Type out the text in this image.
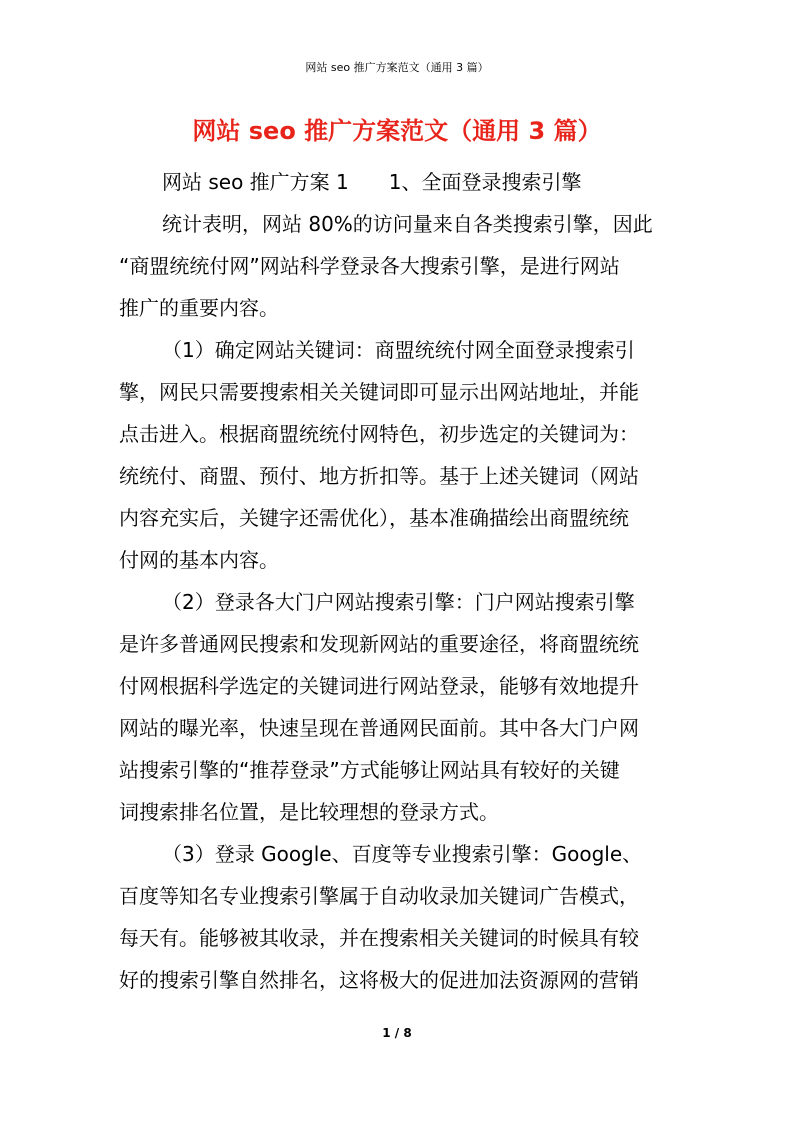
网站 seo 推广方案范文（通用 3 篇）
网站 seo 推广方案范文（通用 3 篇）
网站 seo 推广方案 1　　1、全面登录搜索引擎
统计表明，网站 80%的访问量来自各类搜索引擎，因此
“商盟统统付网”网站科学登录各大搜索引擎，是进行网站
推广的重要内容。
（1）确定网站关键词：商盟统统付网全面登录搜索引
擎，网民只需要搜索相关关键词即可显示出网站地址，并能
点击进入。根据商盟统统付网特色，初步选定的关键词为：
统统付、商盟、预付、地方折扣等。基于上述关键词（网站
内容充实后，关键字还需优化），基本准确描绘出商盟统统
付网的基本内容。
（2）登录各大门户网站搜索引擎：门户网站搜索引擎
是许多普通网民搜索和发现新网站的重要途径，将商盟统统
付网根据科学选定的关键词进行网站登录，能够有效地提升
网站的曝光率，快速呈现在普通网民面前。其中各大门户网
站搜索引擎的“推荐登录”方式能够让网站具有较好的关键
词搜索排名位置，是比较理想的登录方式。
（3）登录 Google、百度等专业搜索引擎：Google、
百度等知名专业搜索引擎属于自动收录加关键词广告模式，
每天有。能够被其收录，并在搜索相关关键词的时候具有较
好的搜索引擎自然排名，这将极大的促进加法资源网的营销
1 / 8
